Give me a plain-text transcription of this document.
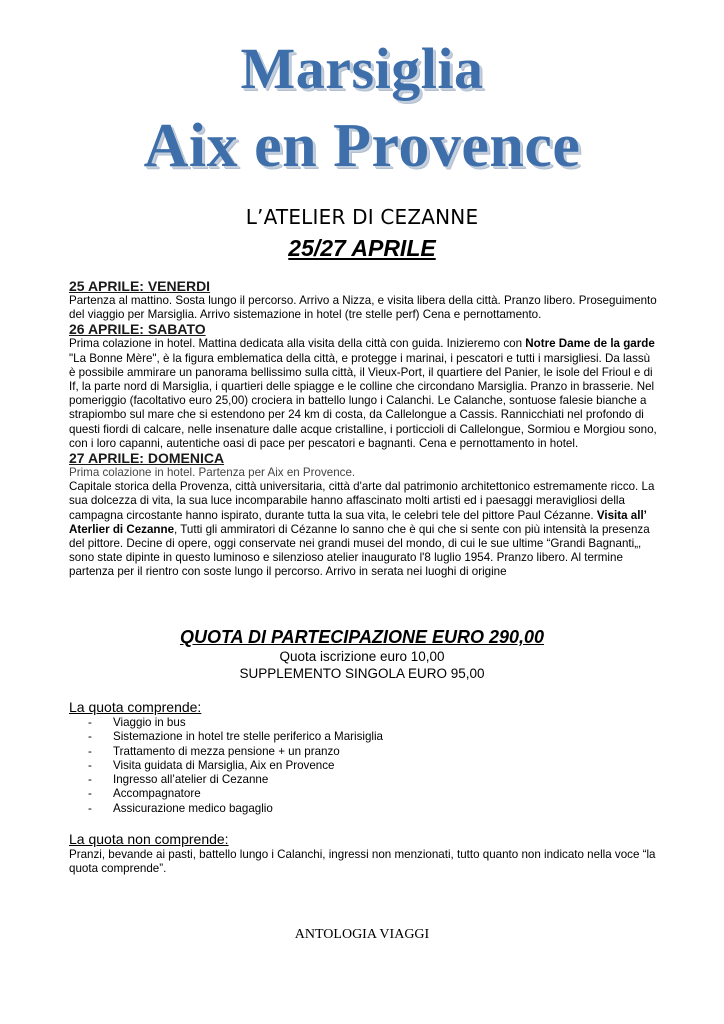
Marsiglia
Aix en Provence
L’ATELIER DI CEZANNE
25/27 APRILE
25 APRILE: VENERDI

Partenza al mattino. Sosta lungo il percorso. Arrivo a Nizza, e visita libera della città. Pranzo libero. Proseguimento del viaggio per Marsiglia. Arrivo sistemazione in hotel (tre stelle perf) Cena e pernottamento.

26 APRILE: SABATO

Prima colazione in hotel. Mattina dedicata alla visita della città con guida. Inizieremo con Notre Dame de la garde "La Bonne Mère", è la figura emblematica della città, e protegge i marinai, i pescatori e tutti i marsigliesi. Da lassù è possibile ammirare un panorama bellissimo sulla città, il Vieux-Port, il quartiere del Panier, le isole del Frioul e di If, la parte nord di Marsiglia, i quartieri delle spiagge e le colline che circondano Marsiglia. Pranzo in brasserie. Nel pomeriggio (facoltativo euro 25,00) crociera in battello lungo i Calanchi. Le Calanche, sontuose falesie bianche a strapiombo sul mare che si estendono per 24 km di costa, da Callelongue a Cassis. Rannicchiati nel profondo di questi fiordi di calcare, nelle insenature dalle acque cristalline, i porticcioli di Callelongue, Sormiou e Morgiou sono, con i loro capanni, autentiche oasi di pace per pescatori e bagnanti. Cena e pernottamento in hotel.

27 APRILE: DOMENICA

Prima colazione in hotel. Partenza per Aix en Provence.

Capitale storica della Provenza, città universitaria, città d'arte dal patrimonio architettonico estremamente ricco. La sua dolcezza di vita, la sua luce incomparabile hanno affascinato molti artisti ed i paesaggi meravigliosi della campagna circostante hanno ispirato, durante tutta la sua vita, le celebri tele del pittore Paul Cézanne. Visita all’ Aterlier di Cezanne, Tutti gli ammiratori di Cézanne lo sanno che è qui che si sente con più intensità la presenza del pittore. Decine di opere, oggi conservate nei grandi musei del mondo, di cui le sue ultime “Grandi Bagnanti„, sono state dipinte in questo luminoso e silenzioso atelier inaugurato l'8 luglio 1954. Pranzo libero. Al termine partenza per il rientro con soste lungo il percorso. Arrivo in serata nei luoghi di origine

QUOTA DI PARTECIPAZIONE EURO 290,00
Quota iscrizione euro 10,00
SUPPLEMENTO SINGOLA EURO 95,00
La quota comprende:
- Viaggio in bus
- Sistemazione in hotel tre stelle periferico a Marisiglia
- Trattamento di mezza pensione + un pranzo
- Visita guidata di Marsiglia, Aix en Provence
- Ingresso all’atelier di Cezanne
- Accompagnatore
- Assicurazione medico bagaglio
La quota non comprende:

Pranzi, bevande ai pasti, battello lungo i Calanchi, ingressi non menzionati, tutto quanto non indicato nella voce “la quota comprende”.

ANTOLOGIA VIAGGI
